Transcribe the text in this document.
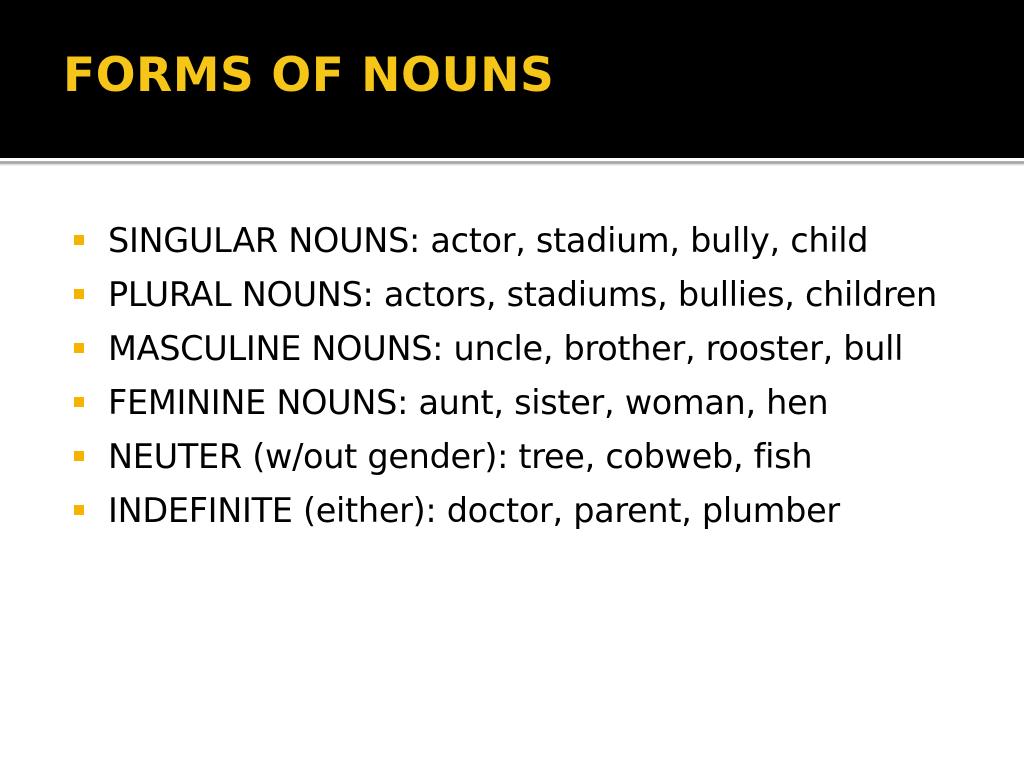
FORMS OF NOUNS
SINGULAR NOUNS: actor, stadium, bully, child
PLURAL NOUNS: actors, stadiums, bullies, children
MASCULINE NOUNS: uncle, brother, rooster, bull
FEMININE NOUNS: aunt, sister, woman, hen
NEUTER (w/out gender): tree, cobweb, fish
INDEFINITE (either): doctor, parent, plumber
